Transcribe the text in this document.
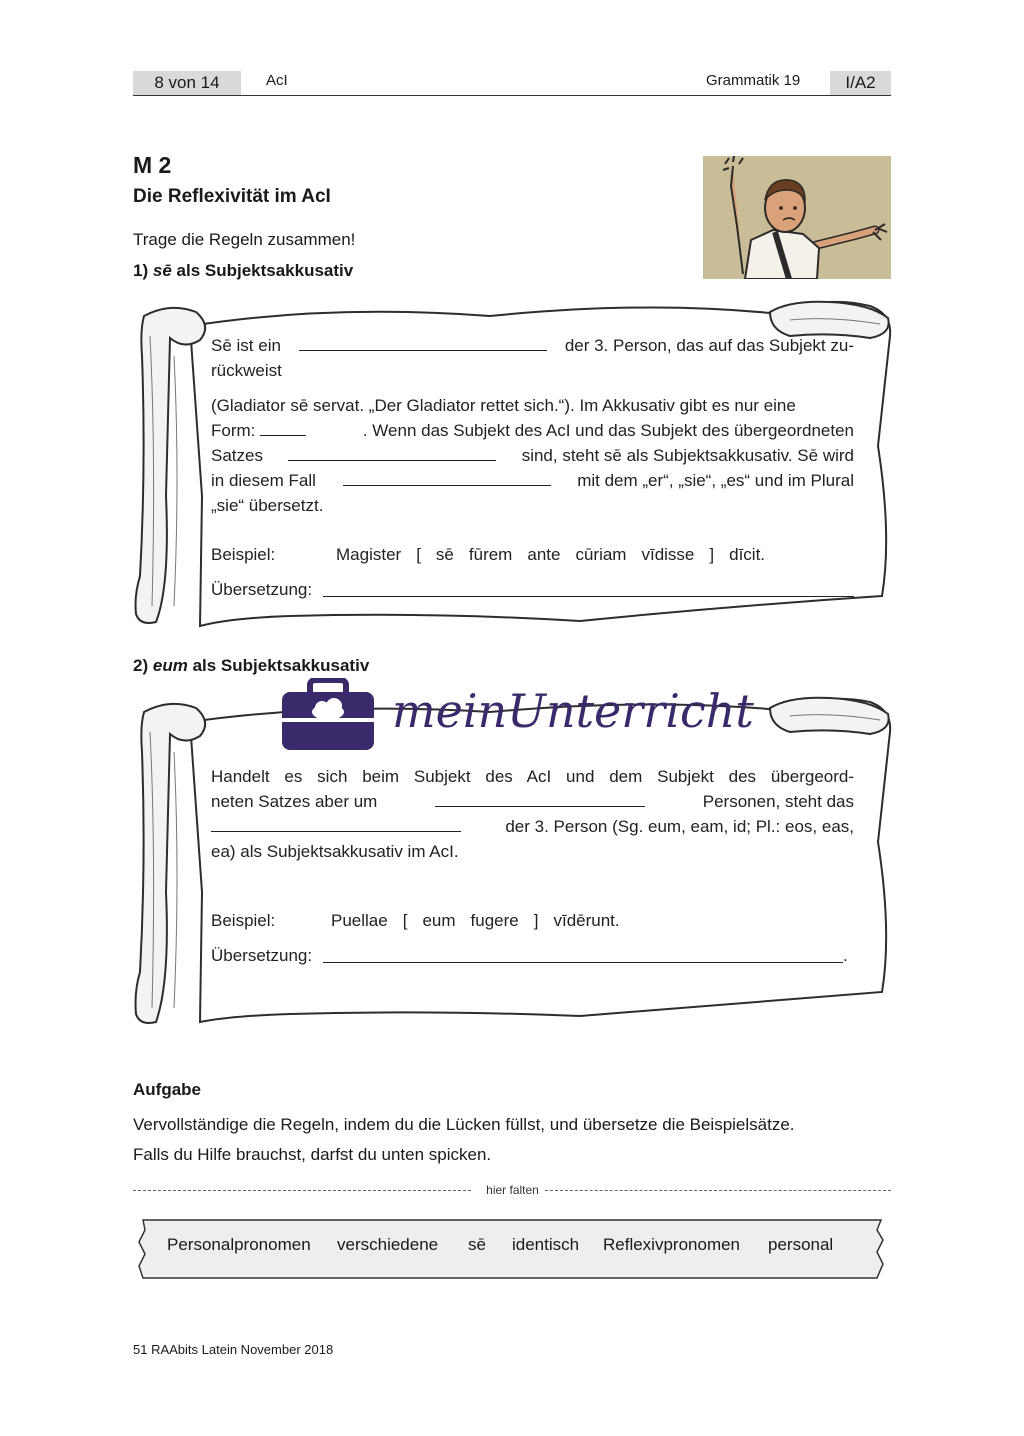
8 von 14	AcI	Grammatik 19	I/A2
M 2
Die Reflexivität im AcI
Trage die Regeln zusammen!
1) sē als Subjektsakkusativ
Sē ist ein	der 3. Person, das auf das Subjekt zu-
rückweist
(Gladiator sē servat. „Der Gladiator rettet sich.“). Im Akkusativ gibt es nur eine
Form:	. Wenn das Subjekt des AcI und das Subjekt des übergeordneten
Satzes	sind, steht sē als Subjektsakkusativ. Sē wird
in diesem Fall	mit dem „er“, „sie“, „es“ und im Plural
„sie“ übersetzt.
Beispiel:	Magister [ sē fūrem ante cūriam vīdisse ] dīcit.
Übersetzung:
2) eum als Subjektsakkusativ
meinUnterricht
Handelt es sich beim Subjekt des AcI und dem Subjekt des übergeord-
neten Satzes aber um	Personen, steht das
der 3. Person (Sg. eum, eam, id; Pl.: eos, eas,
ea) als Subjektsakkusativ im AcI.
Beispiel:	Puellae [ eum fugere ] vīdērunt.
Übersetzung:	.
Aufgabe
Vervollständige die Regeln, indem du die Lücken füllst, und übersetze die Beispielsätze.
Falls du Hilfe brauchst, darfst du unten spicken.
hier falten
Personalpronomen verschiedene sē identisch Reflexivpronomen personal
51 RAAbits Latein November 2018
